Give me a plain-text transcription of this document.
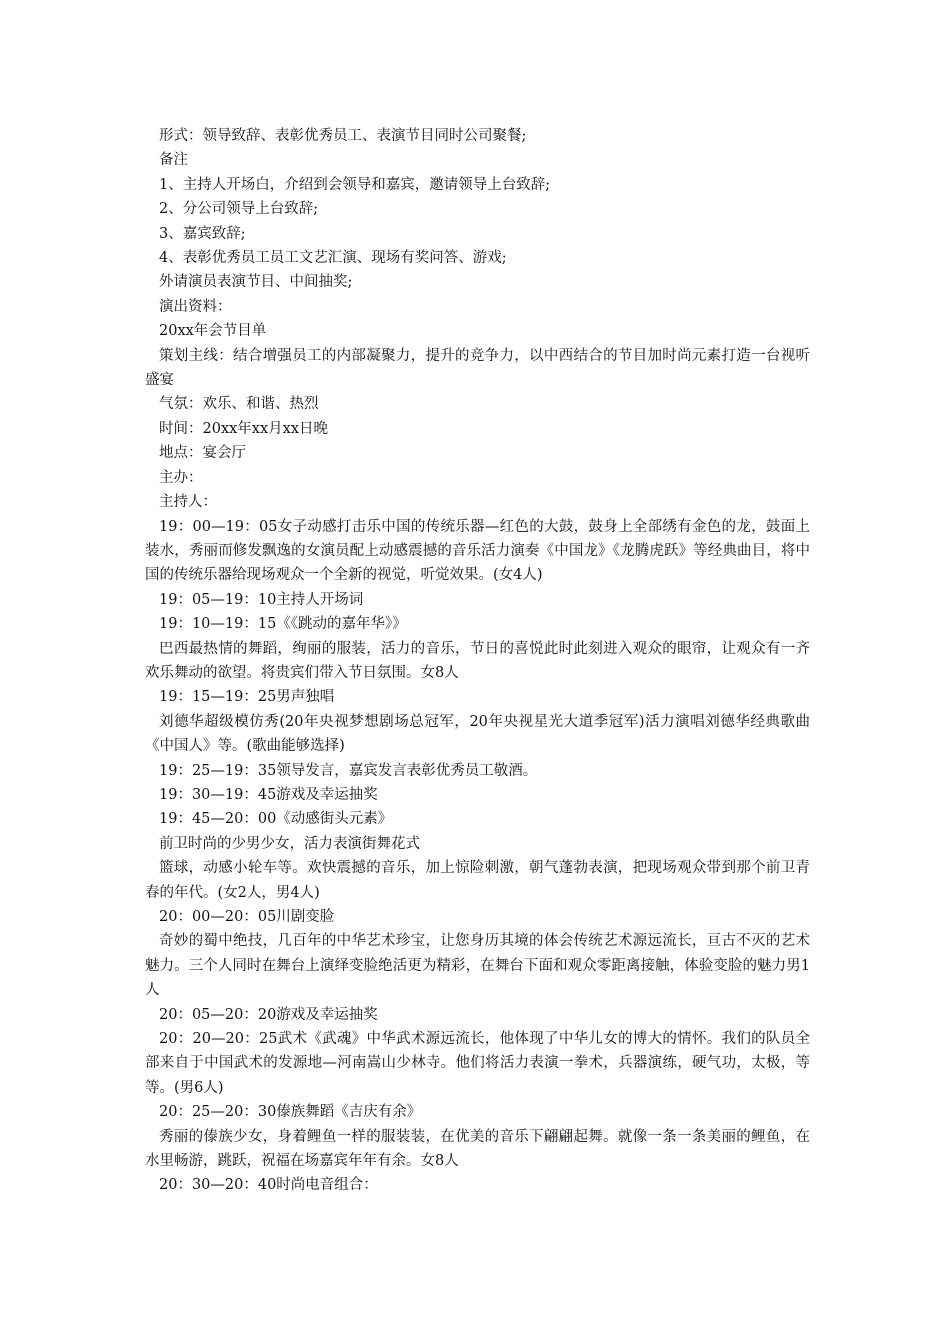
形式：领导致辞、表彰优秀员工、表演节目同时公司聚餐;

备注

1、主持人开场白，介绍到会领导和嘉宾，邀请领导上台致辞;

2、分公司领导上台致辞;

3、嘉宾致辞;

4、表彰优秀员工员工文艺汇演、现场有奖问答、游戏;

外请演员表演节目、中间抽奖;

演出资料：

20xx年会节目单

策划主线：结合增强员工的内部凝聚力，提升的竞争力，以中西结合的节目加时尚元素打造一台视听盛宴

气氛：欢乐、和谐、热烈

时间：20xx年xx月xx日晚

地点：宴会厅

主办：

主持人：

19：00—19：05女子动感打击乐中国的传统乐器—红色的大鼓，鼓身上全部绣有金色的龙，鼓面上装水，秀丽而修发飘逸的女演员配上动感震撼的音乐活力演奏《中国龙》《龙腾虎跃》等经典曲目，将中国的传统乐器给现场观众一个全新的视觉，听觉效果。(女4人)

19：05—19：10主持人开场词

19：10—19：15《《跳动的嘉年华》》

巴西最热情的舞蹈，绚丽的服装，活力的音乐，节日的喜悦此时此刻进入观众的眼帘，让观众有一齐欢乐舞动的欲望。将贵宾们带入节日氛围。女8人

19：15—19：25男声独唱

刘德华超级模仿秀(20年央视梦想剧场总冠军，20年央视星光大道季冠军)活力演唱刘德华经典歌曲《中国人》等。(歌曲能够选择)

19：25—19：35领导发言，嘉宾发言表彰优秀员工敬酒。

19：30—19：45游戏及幸运抽奖

19：45—20：00《动感街头元素》

前卫时尚的少男少女，活力表演街舞花式

篮球，动感小轮车等。欢快震撼的音乐，加上惊险刺激，朝气蓬勃表演，把现场观众带到那个前卫青春的年代。(女2人，男4人)

20：00—20：05川剧变脸

奇妙的蜀中绝技，几百年的中华艺术珍宝，让您身历其境的体会传统艺术源远流长，亘古不灭的艺术魅力。三个人同时在舞台上演绎变脸绝活更为精彩，在舞台下面和观众零距离接触，体验变脸的魅力男1人

20：05—20：20游戏及幸运抽奖

20：20—20：25武术《武魂》中华武术源远流长，他体现了中华儿女的博大的情怀。我们的队员全部来自于中国武术的发源地—河南嵩山少林寺。他们将活力表演一拳术，兵器演练，硬气功，太极，等等。(男6人)

20：25—20：30傣族舞蹈《吉庆有余》

秀丽的傣族少女，身着鲤鱼一样的服装装，在优美的音乐下翩翩起舞。就像一条一条美丽的鲤鱼，在水里畅游，跳跃，祝福在场嘉宾年年有余。女8人

20：30—20：40时尚电音组合：
